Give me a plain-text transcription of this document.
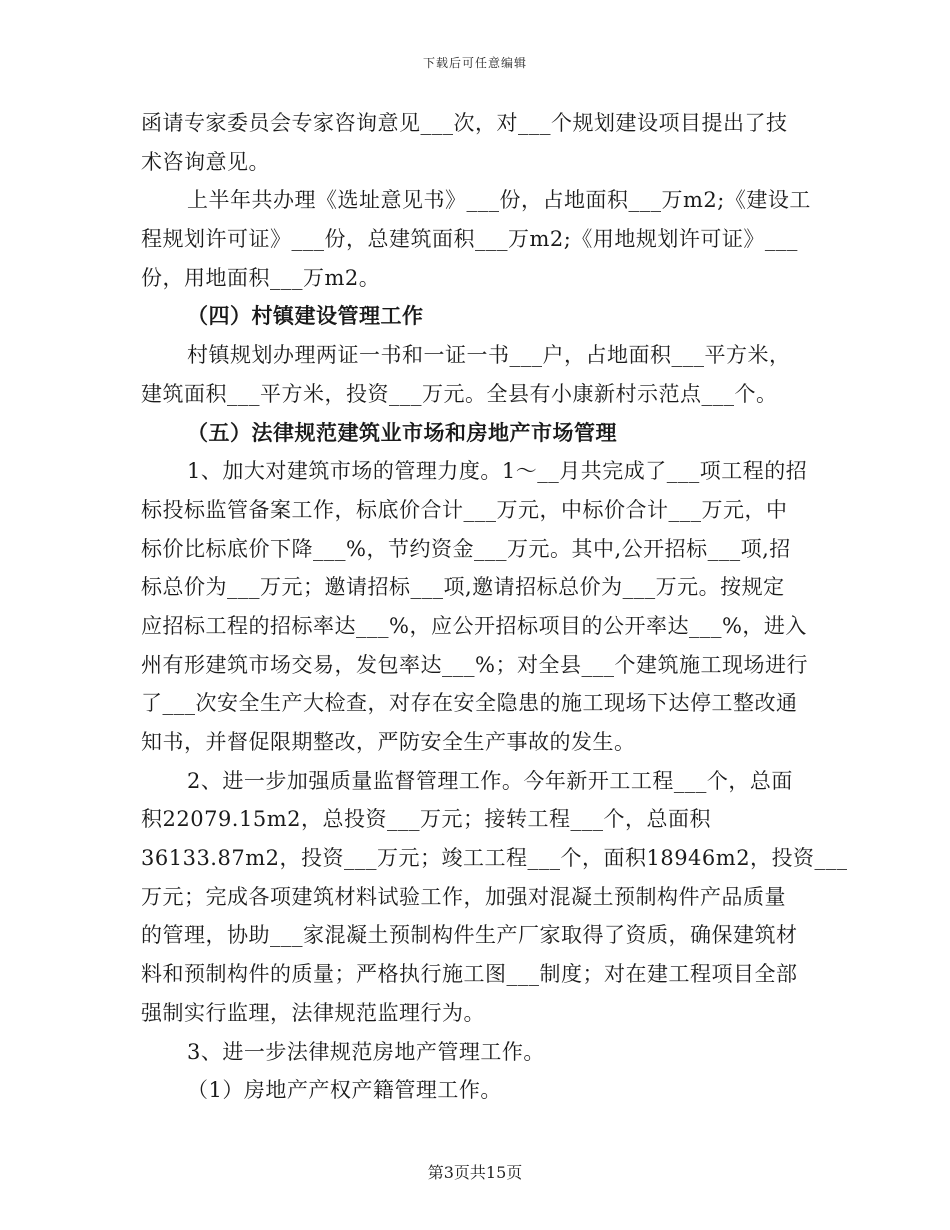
下载后可任意编辑
函请专家委员会专家咨询意见___次，对___个规划建设项目提出了技
术咨询意见。
上半年共办理《选址意见书》___份，占地面积___万m2;《建设工
程规划许可证》___份，总建筑面积___万m2;《用地规划许可证》___
份，用地面积___万m2。
（四）村镇建设管理工作
村镇规划办理两证一书和一证一书___户，占地面积___平方米，
建筑面积___平方米，投资___万元。全县有小康新村示范点___个。
（五）法律规范建筑业市场和房地产市场管理
1、加大对建筑市场的管理力度。1～__月共完成了___项工程的招
标投标监管备案工作，标底价合计___万元，中标价合计___万元，中
标价比标底价下降___%，节约资金___万元。其中,公开招标___项,招
标总价为___万元；邀请招标___项,邀请招标总价为___万元。按规定
应招标工程的招标率达___%，应公开招标项目的公开率达___%，进入
州有形建筑市场交易，发包率达___%；对全县___个建筑施工现场进行
了___次安全生产大检查，对存在安全隐患的施工现场下达停工整改通
知书，并督促限期整改，严防安全生产事故的发生。
2、进一步加强质量监督管理工作。今年新开工工程___个，总面
积22079.15m2，总投资___万元；接转工程___个，总面积
36133.87m2，投资___万元；竣工工程___个，面积18946m2，投资___
万元；完成各项建筑材料试验工作，加强对混凝土预制构件产品质量
的管理，协助___家混凝土预制构件生产厂家取得了资质，确保建筑材
料和预制构件的质量；严格执行施工图___制度；对在建工程项目全部
强制实行监理，法律规范监理行为。
3、进一步法律规范房地产管理工作。
（1）房地产产权产籍管理工作。
第3页共15页
